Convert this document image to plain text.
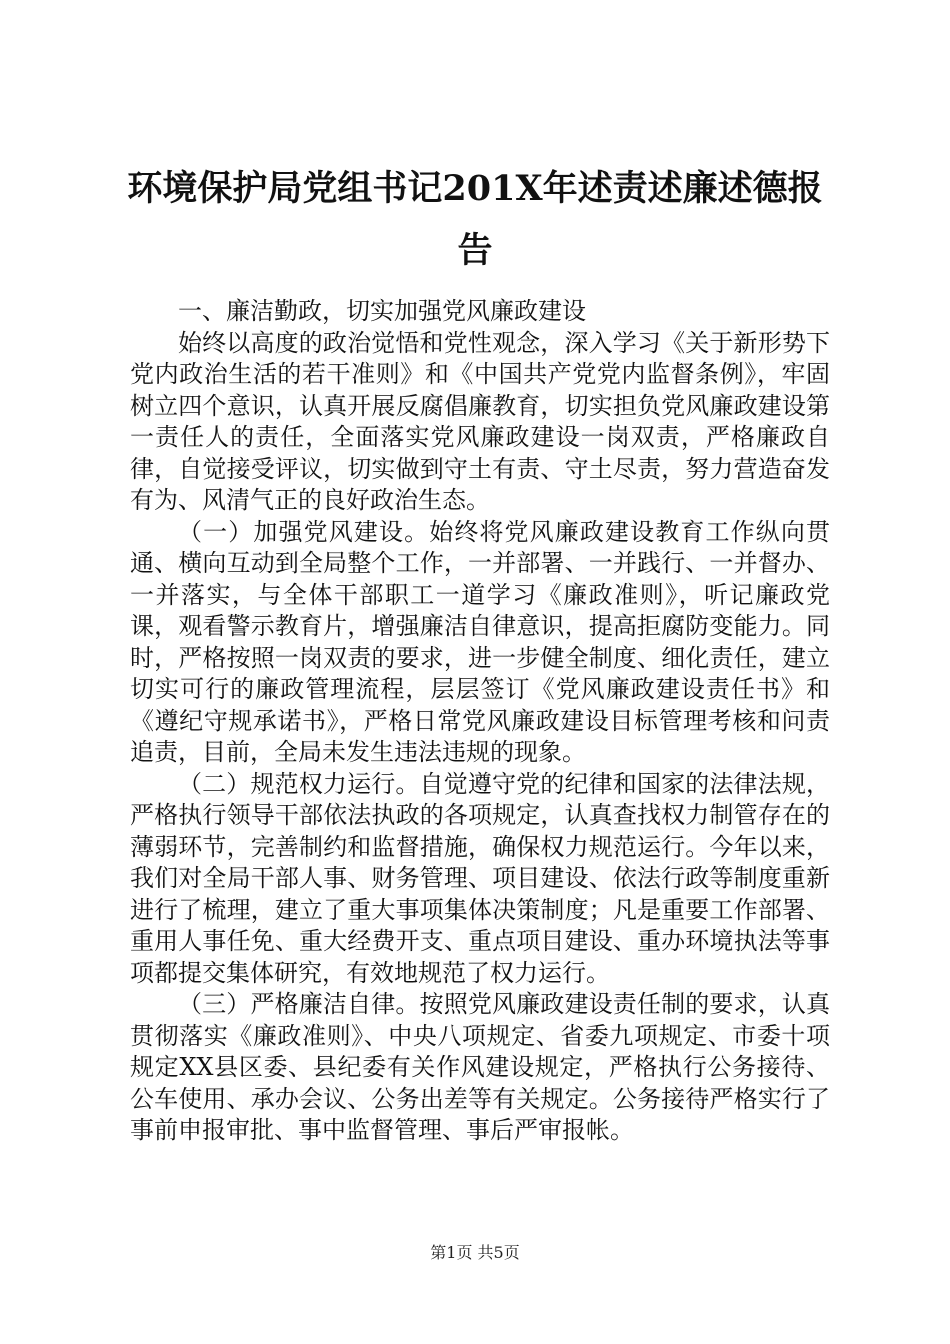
环境保护局党组书记201X年述责述廉述德报告

一、廉洁勤政，切实加强党风廉政建设

始终以高度的政治觉悟和党性观念，深入学习《关于新形势下党内政治生活的若干准则》和《中国共产党党内监督条例》，牢固树立四个意识，认真开展反腐倡廉教育，切实担负党风廉政建设第一责任人的责任，全面落实党风廉政建设一岗双责，严格廉政自律，自觉接受评议，切实做到守土有责、守土尽责，努力营造奋发有为、风清气正的良好政治生态。

（一）加强党风建设。始终将党风廉政建设教育工作纵向贯通、横向互动到全局整个工作，一并部署、一并践行、一并督办、一并落实，与全体干部职工一道学习《廉政准则》，听记廉政党课，观看警示教育片，增强廉洁自律意识，提高拒腐防变能力。同时，严格按照一岗双责的要求，进一步健全制度、细化责任，建立切实可行的廉政管理流程，层层签订《党风廉政建设责任书》和《遵纪守规承诺书》，严格日常党风廉政建设目标管理考核和问责追责，目前，全局未发生违法违规的现象。

（二）规范权力运行。自觉遵守党的纪律和国家的法律法规，严格执行领导干部依法执政的各项规定，认真查找权力制管存在的薄弱环节，完善制约和监督措施，确保权力规范运行。今年以来，我们对全局干部人事、财务管理、项目建设、依法行政等制度重新进行了梳理，建立了重大事项集体决策制度；凡是重要工作部署、重用人事任免、重大经费开支、重点项目建设、重办环境执法等事项都提交集体研究，有效地规范了权力运行。

（三）严格廉洁自律。按照党风廉政建设责任制的要求，认真贯彻落实《廉政准则》、中央八项规定、省委九项规定、市委十项规定XX县区委、县纪委有关作风建设规定，严格执行公务接待、公车使用、承办会议、公务出差等有关规定。公务接待严格实行了事前申报审批、事中监督管理、事后严审报帐。

第1页 共5页
